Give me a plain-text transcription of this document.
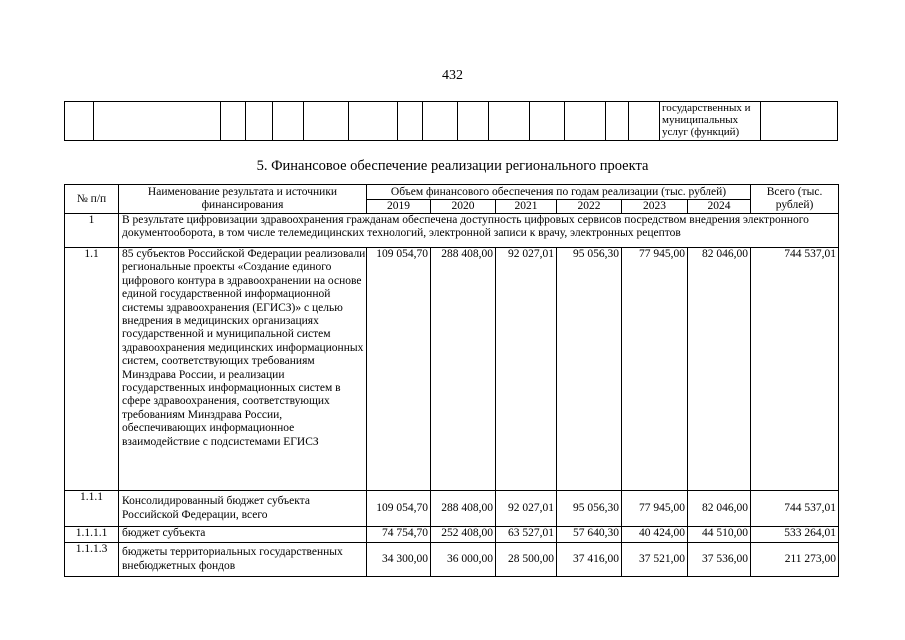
432
															государственных и муниципальных услуг (функций)	
5. Финансовое обеспечение реализации регионального проекта
№ п/п	Наименование результата и источники финансирования	Объем финансового обеспечения по годам реализации (тыс. рублей)						Всего (тыс. рублей)
		2019	2020	2021	2022	2023	2024	
1	В результате цифровизации здравоохранения гражданам обеспечена доступность цифровых сервисов посредством внедрения электронного документооборота, в том числе телемедицинских технологий, электронной записи к врачу, электронных рецептов							
1.1	85 субъектов Российской Федерации реализовали региональные проекты «Создание единого цифрового контура в здравоохранении на основе единой государственной информационной системы здравоохранения (ЕГИСЗ)» с целью внедрения в медицинских организациях государственной и муниципальной систем здравоохранения медицинских информационных систем, соответствующих требованиям Минздрава России, и реализации государственных информационных систем в сфере здравоохранения, соответствующих требованиям Минздрава России, обеспечивающих информационное взаимодействие с подсистемами ЕГИСЗ	109 054,70	288 408,00	92 027,01	95 056,30	77 945,00	82 046,00	744 537,01
1.1.1	Консолидированный бюджет субъекта Российской Федерации, всего	109 054,70	288 408,00	92 027,01	95 056,30	77 945,00	82 046,00	744 537,01
1.1.1.1	бюджет субъекта	74 754,70	252 408,00	63 527,01	57 640,30	40 424,00	44 510,00	533 264,01
1.1.1.3	бюджеты территориальных государственных внебюджетных фондов	34 300,00	36 000,00	28 500,00	37 416,00	37 521,00	37 536,00	211 273,00
